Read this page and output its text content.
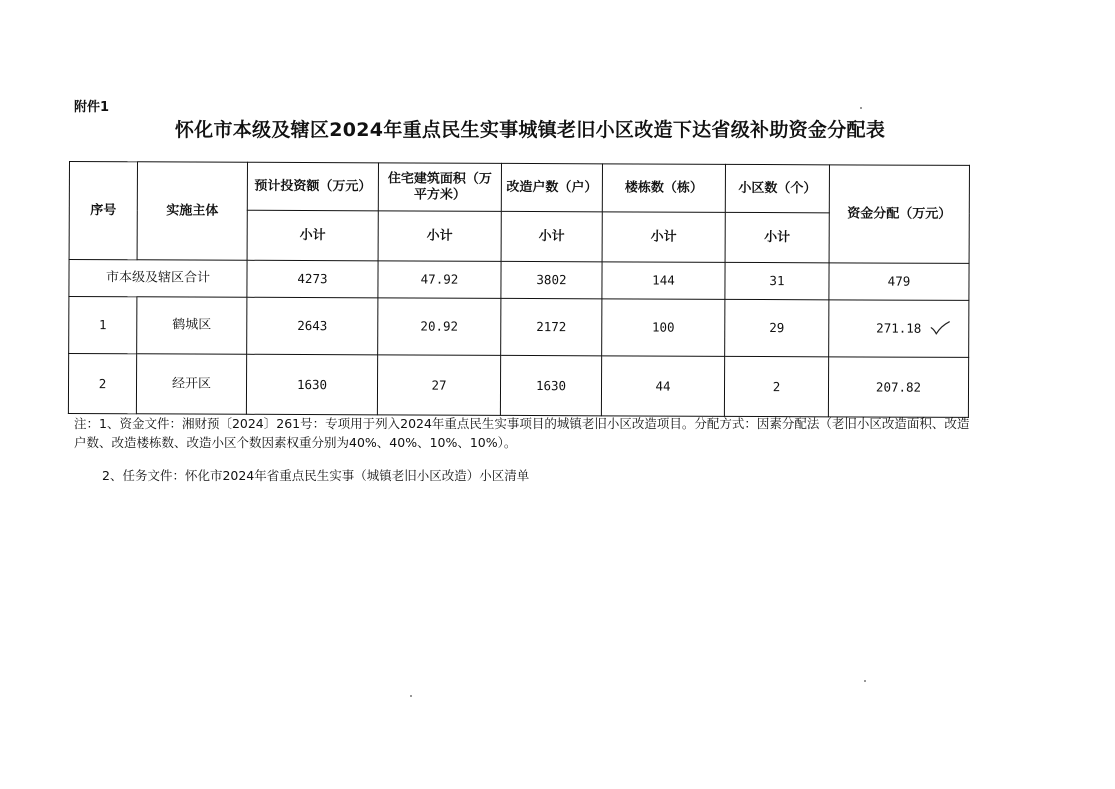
附件1
怀化市本级及辖区2024年重点民生实事城镇老旧小区改造下达省级补助资金分配表
序号	实施主体	预计投资额（万元）	住宅建筑面积（万平方米）	改造户数（户）	楼栋数（栋）	小区数（个）	资金分配（万元）
		小计	小计	小计	小计	小计	
市本级及辖区合计		4273	47.92	3802	144	31	479
1	鹤城区	2643	20.92	2172	100	29	271.18

2	经开区	1630	27	1630	44	2	207.82
注：1、资金文件：湘财预〔2024〕261号：专项用于列入2024年重点民生实事项目的城镇老旧小区改造项目。分配方式：因素分配法（老旧小区改造面积、改造户数、改造楼栋数、改造小区个数因素权重分别为40%、40%、10%、10%）。
2、任务文件：怀化市2024年省重点民生实事（城镇老旧小区改造）小区清单
